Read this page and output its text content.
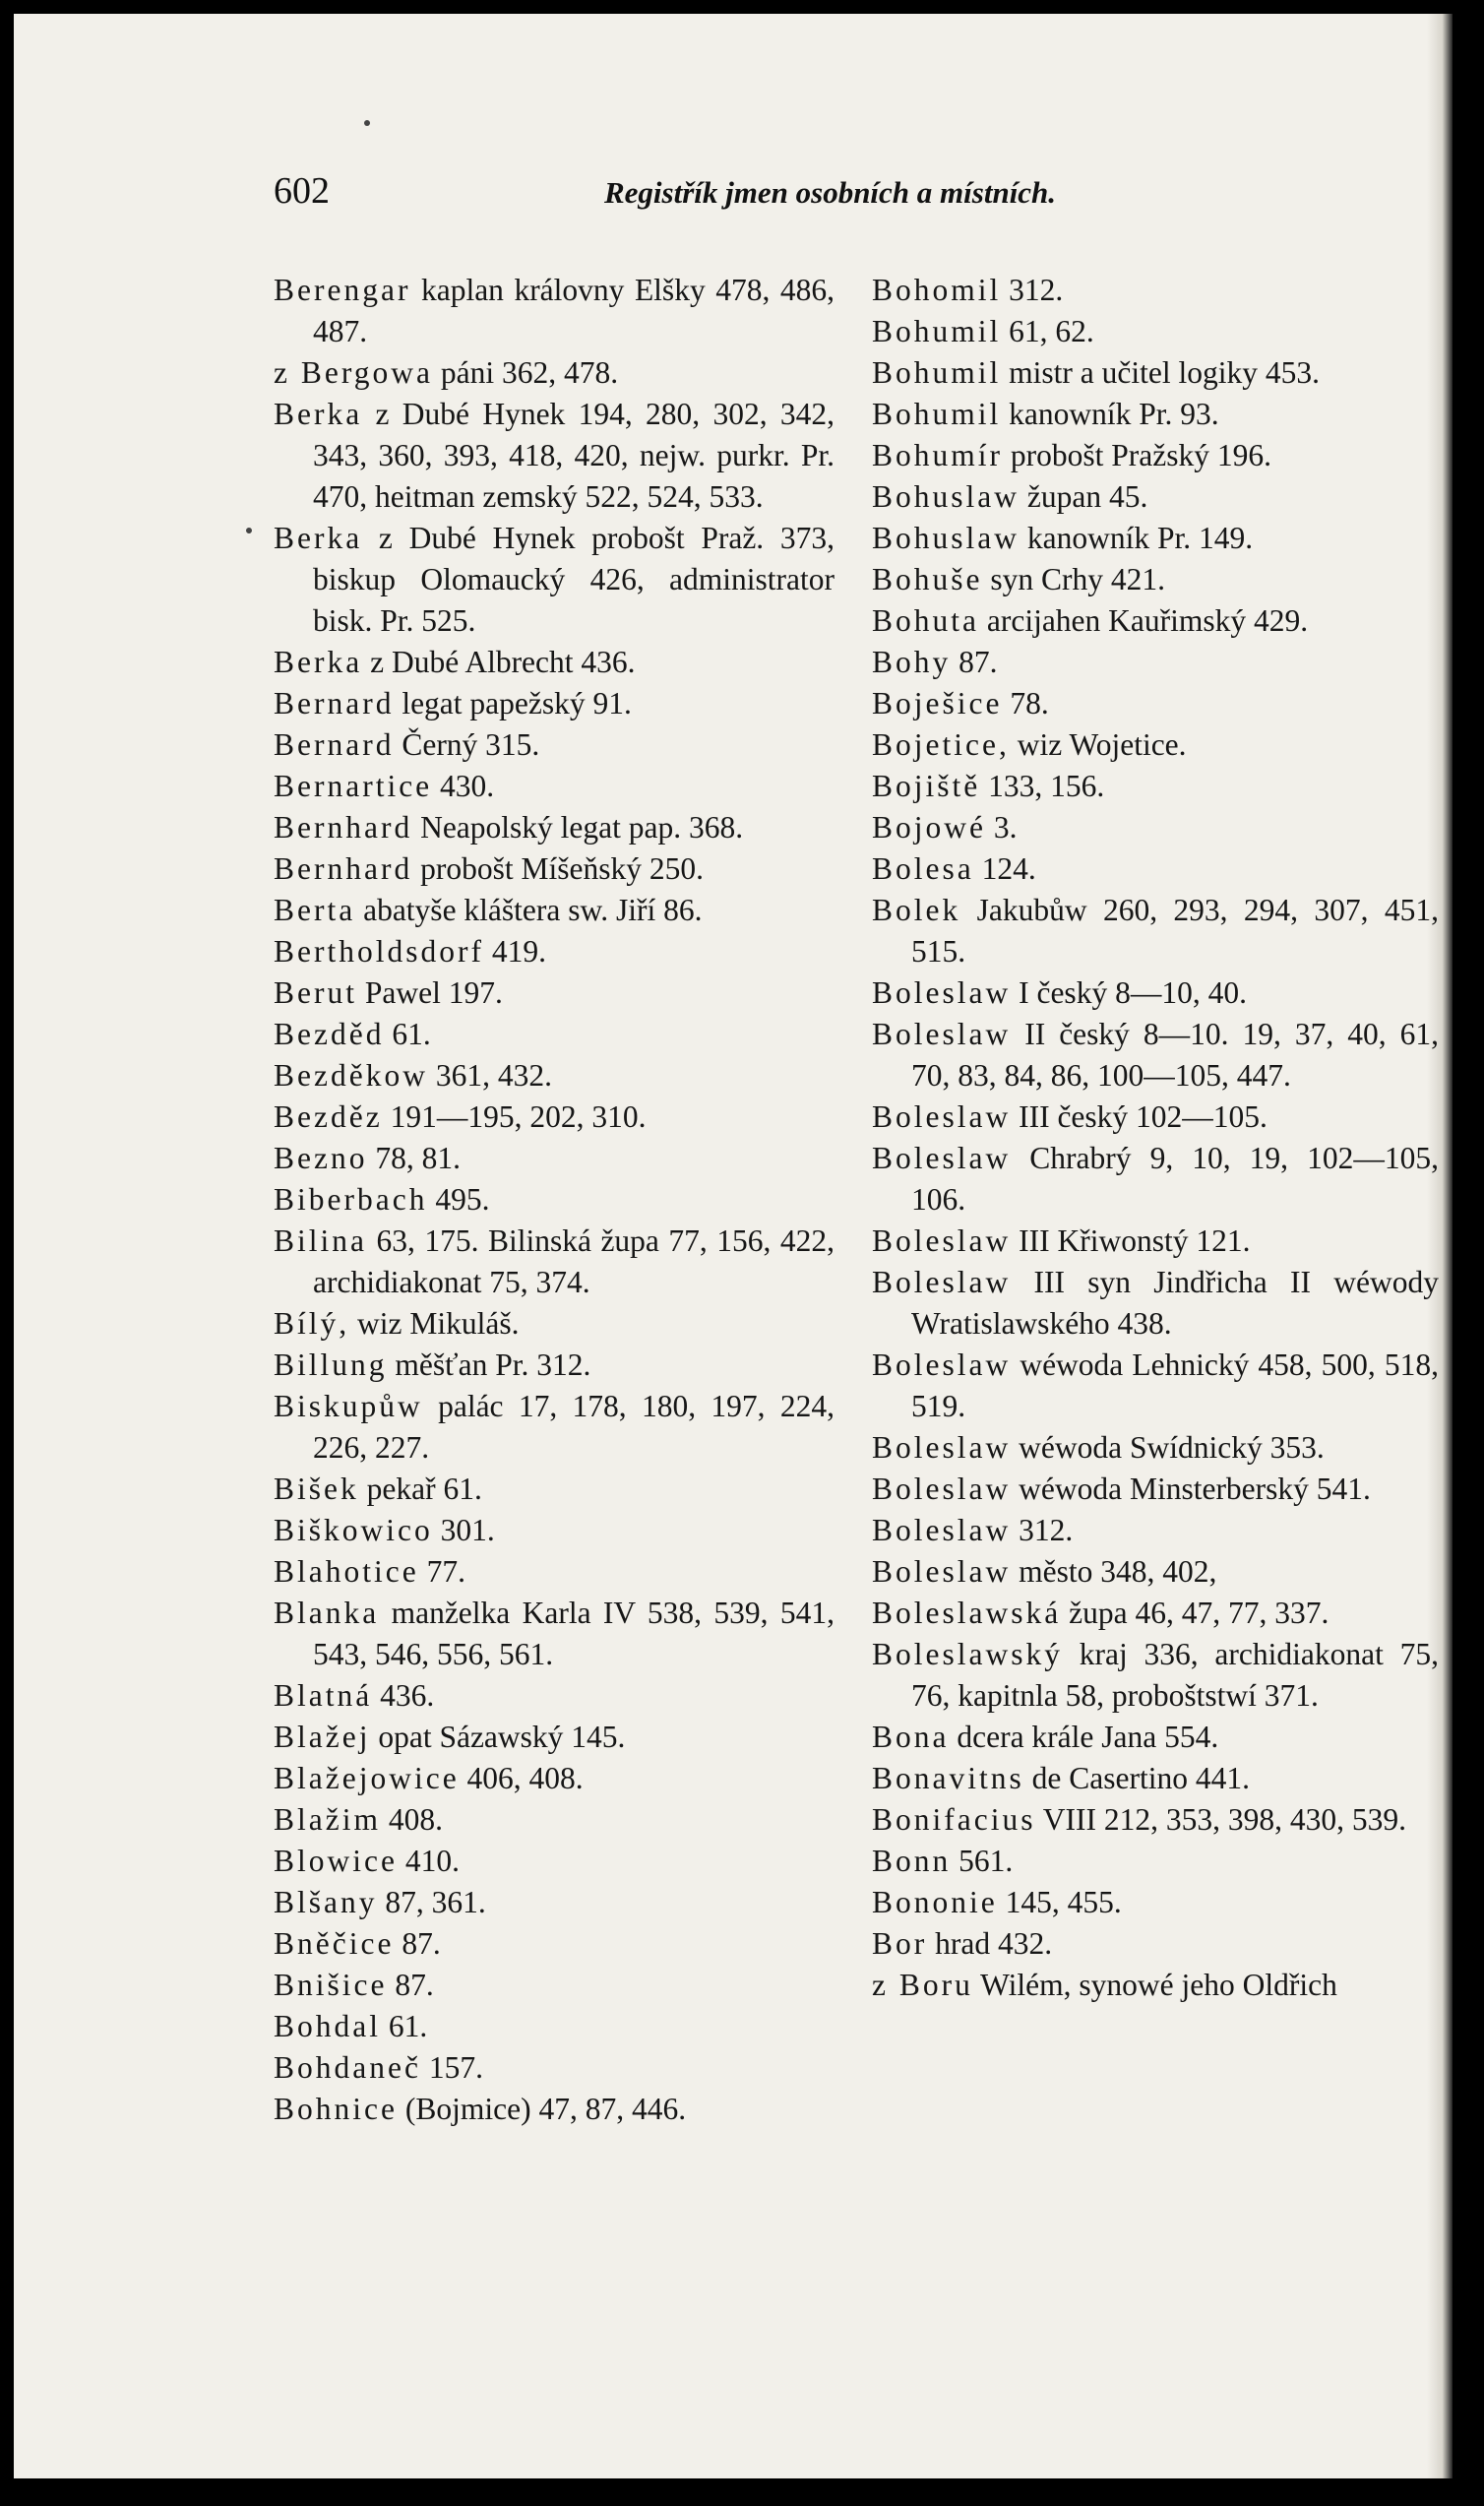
602	Registřík jmen osobních a místních.
Berengar kaplan královny Elšky 478, 486, 487.
z Bergowa páni 362, 478.
Berka z Dubé Hynek 194, 280, 302, 342, 343, 360, 393, 418, 420, nejw. purkr. Pr. 470, heitman zemský 522, 524, 533.
Berka z Dubé Hynek probošt Praž. 373, biskup Olomaucký 426, administrator bisk. Pr. 525.
Berka z Dubé Albrecht 436.
Bernard legat papežský 91.
Bernard Černý 315.
Bernartice 430.
Bernhard Neapolský legat pap. 368.
Bernhard probošt Míšeňský 250.
Berta abatyše kláštera sw. Jiří 86.
Bertholdsdorf 419.
Berut Pawel 197.
Bezděd 61.
Bezděkow 361, 432.
Bezděz 191—195, 202, 310.
Bezno 78, 81.
Biberbach 495.
Bilina 63, 175. Bilinská župa 77, 156, 422, archidiakonat 75, 374.
Bílý, wiz Mikuláš.
Billung měšťan Pr. 312.
Biskupůw palác 17, 178, 180, 197, 224, 226, 227.
Bišek pekař 61.
Biškowico 301.
Blahotice 77.
Blanka manželka Karla IV 538, 539, 541, 543, 546, 556, 561.
Blatná 436.
Blažej opat Sázawský 145.
Blažejowice 406, 408.
Blažim 408.
Blowice 410.
Blšany 87, 361.
Bněčice 87.
Bnišice 87.
Bohdal 61.
Bohdaneč 157.
Bohnice (Bojmice) 47, 87, 446.
Bohomil 312.
Bohumil 61, 62.
Bohumil mistr a učitel logiky 453.
Bohumil kanowník Pr. 93.
Bohumír probošt Pražský 196.
Bohuslaw župan 45.
Bohuslaw kanowník Pr. 149.
Bohuše syn Crhy 421.
Bohuta arcijahen Kauřimský 429.
Bohy 87.
Boješice 78.
Bojetice, wiz Wojetice.
Bojiště 133, 156.
Bojowé 3.
Bolesa 124.
Bolek Jakubůw 260, 293, 294, 307, 451, 515.
Boleslaw I český 8—10, 40.
Boleslaw II český 8—10. 19, 37, 40, 61, 70, 83, 84, 86, 100—105, 447.
Boleslaw III český 102—105.
Boleslaw Chrabrý 9, 10, 19, 102—105, 106.
Boleslaw III Křiwonstý 121.
Boleslaw III syn Jindřicha II wéwody Wratislawského 438.
Boleslaw wéwoda Lehnický 458, 500, 518, 519.
Boleslaw wéwoda Swídnický 353.
Boleslaw wéwoda Minsterberský 541.
Boleslaw 312.
Boleslaw město 348, 402,
Boleslawská župa 46, 47, 77, 337.
Boleslawský kraj 336, archidiakonat 75, 76, kapitnla 58, proboštstwí 371.
Bona dcera krále Jana 554.
Bonavitns de Casertino 441.
Bonifacius VIII 212, 353, 398, 430, 539.
Bonn 561.
Bononie 145, 455.
Bor hrad 432.
z Boru Wilém, synowé jeho Oldřich
